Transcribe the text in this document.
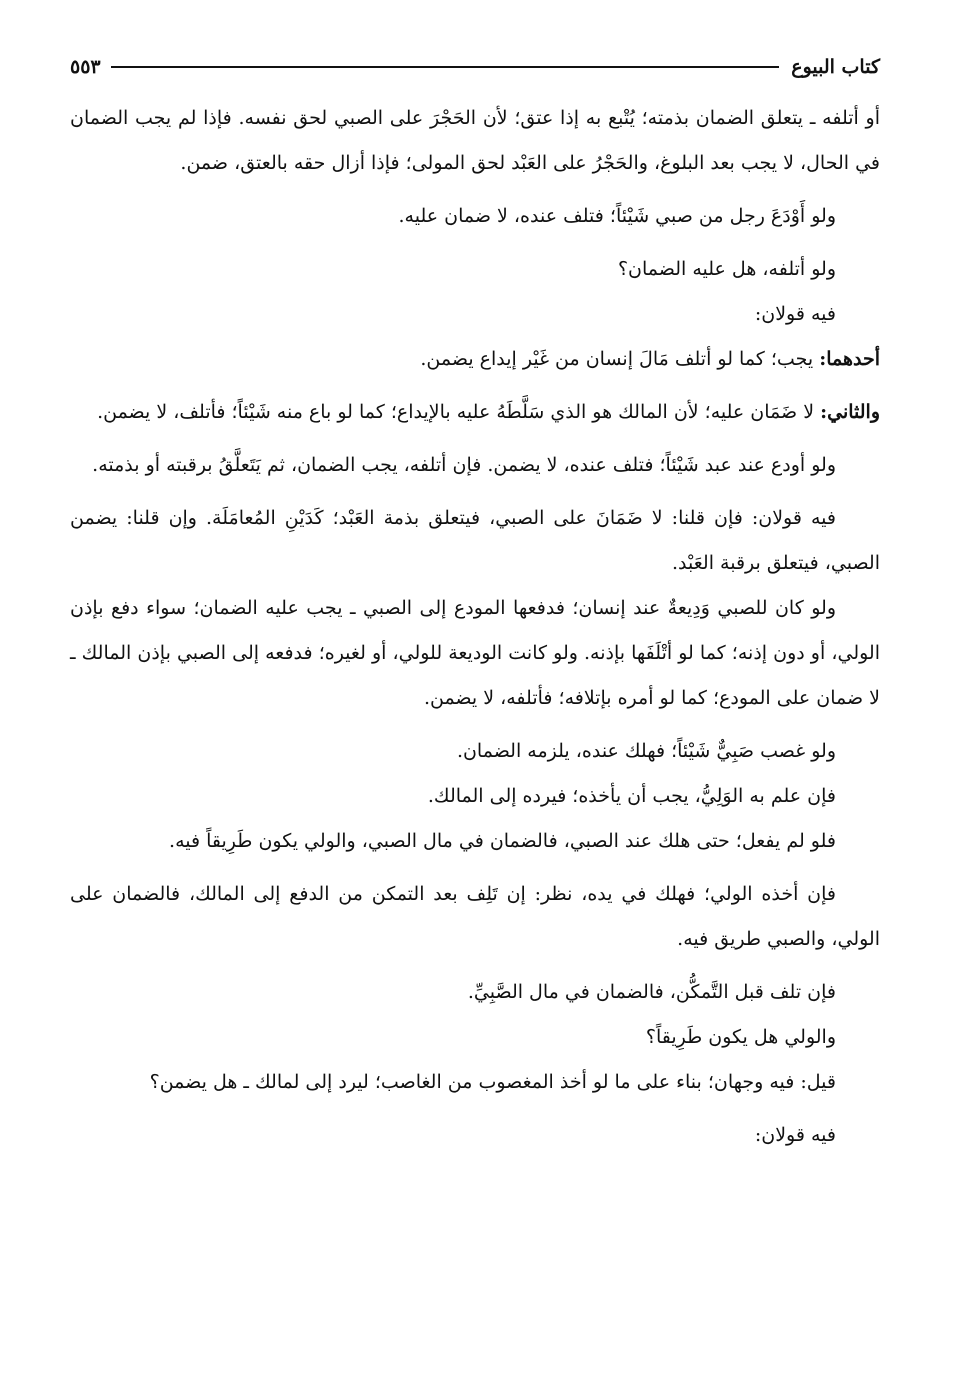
كتاب البيوع
٥٥٣

أو أتلفه ـ يتعلق الضمان بذمته؛ يُتْبع به إذا عتق؛ لأن الحَجْرَ على الصبي لحق نفسه. فإذا لم يجب الضمان في الحال، لا يجب بعد البلوغ، والحَجْرُ على العَبْد لحق المولى؛ فإذا أزال حقه بالعتق، ضمن.

ولو أَوْدَعَ رجل من صبي شَيْئاً؛ فتلف عنده، لا ضمان عليه.

ولو أتلفه، هل عليه الضمان؟

فيه قولان:

أحدهما: يجب؛ كما لو أتلف مَالَ إنسان من غَيْر إيداع يضمن.

والثاني: لا ضَمَان عليه؛ لأن المالك هو الذي سَلَّطَهُ عليه بالإيداع؛ كما لو باع منه شَيْئاً؛ فأتلف، لا يضمن.

ولو أودع عند عبد شَيْئاً؛ فتلف عنده، لا يضمن. فإن أتلفه، يجب الضمان، ثم يَتَعلَّقُ برقبته أو بذمته.

فيه قولان: فإن قلنا: لا ضَمَانَ على الصبي، فيتعلق بذمة العَبْد؛ كَدَيْنِ المُعامَلَة. وإن قلنا: يضمن الصبي، فيتعلق برقبة العَبْد.

ولو كان للصبي وَدِيعةٌ عند إنسان؛ فدفعها المودع إلى الصبي ـ يجب عليه الضمان؛ سواء دفع بإذن الولي، أو دون إذنه؛ كما لو أتْلَفَها بإذنه. ولو كانت الوديعة للولي، أو لغيره؛ فدفعه إلى الصبي بإذن المالك ـ لا ضمان على المودع؛ كما لو أمره بإتلافه؛ فأتلفه، لا يضمن.

ولو غصب صَبِيٌّ شَيْئاً؛ فهلك عنده، يلزمه الضمان.

فإن علم به الوَلِيُّ، يجب أن يأخذه؛ فيرده إلى المالك.

فلو لم يفعل؛ حتى هلك عند الصبي، فالضمان في مال الصبي، والولي يكون طَرِيقاً فيه.

فإن أخذه الولي؛ فهلك في يده، نظر: إن تَلِف بعد التمكن من الدفع إلى المالك، فالضمان على الولي، والصبي طريق فيه.

فإن تلف قبل التَّمكُّن، فالضمان في مال الصَّبِيِّ.

والولي هل يكون طَرِيقاً؟

قيل: فيه وجهان؛ بناء على ما لو أخذ المغصوب من الغاصب؛ ليرد إلى لمالك ـ هل يضمن؟

فيه قولان:
